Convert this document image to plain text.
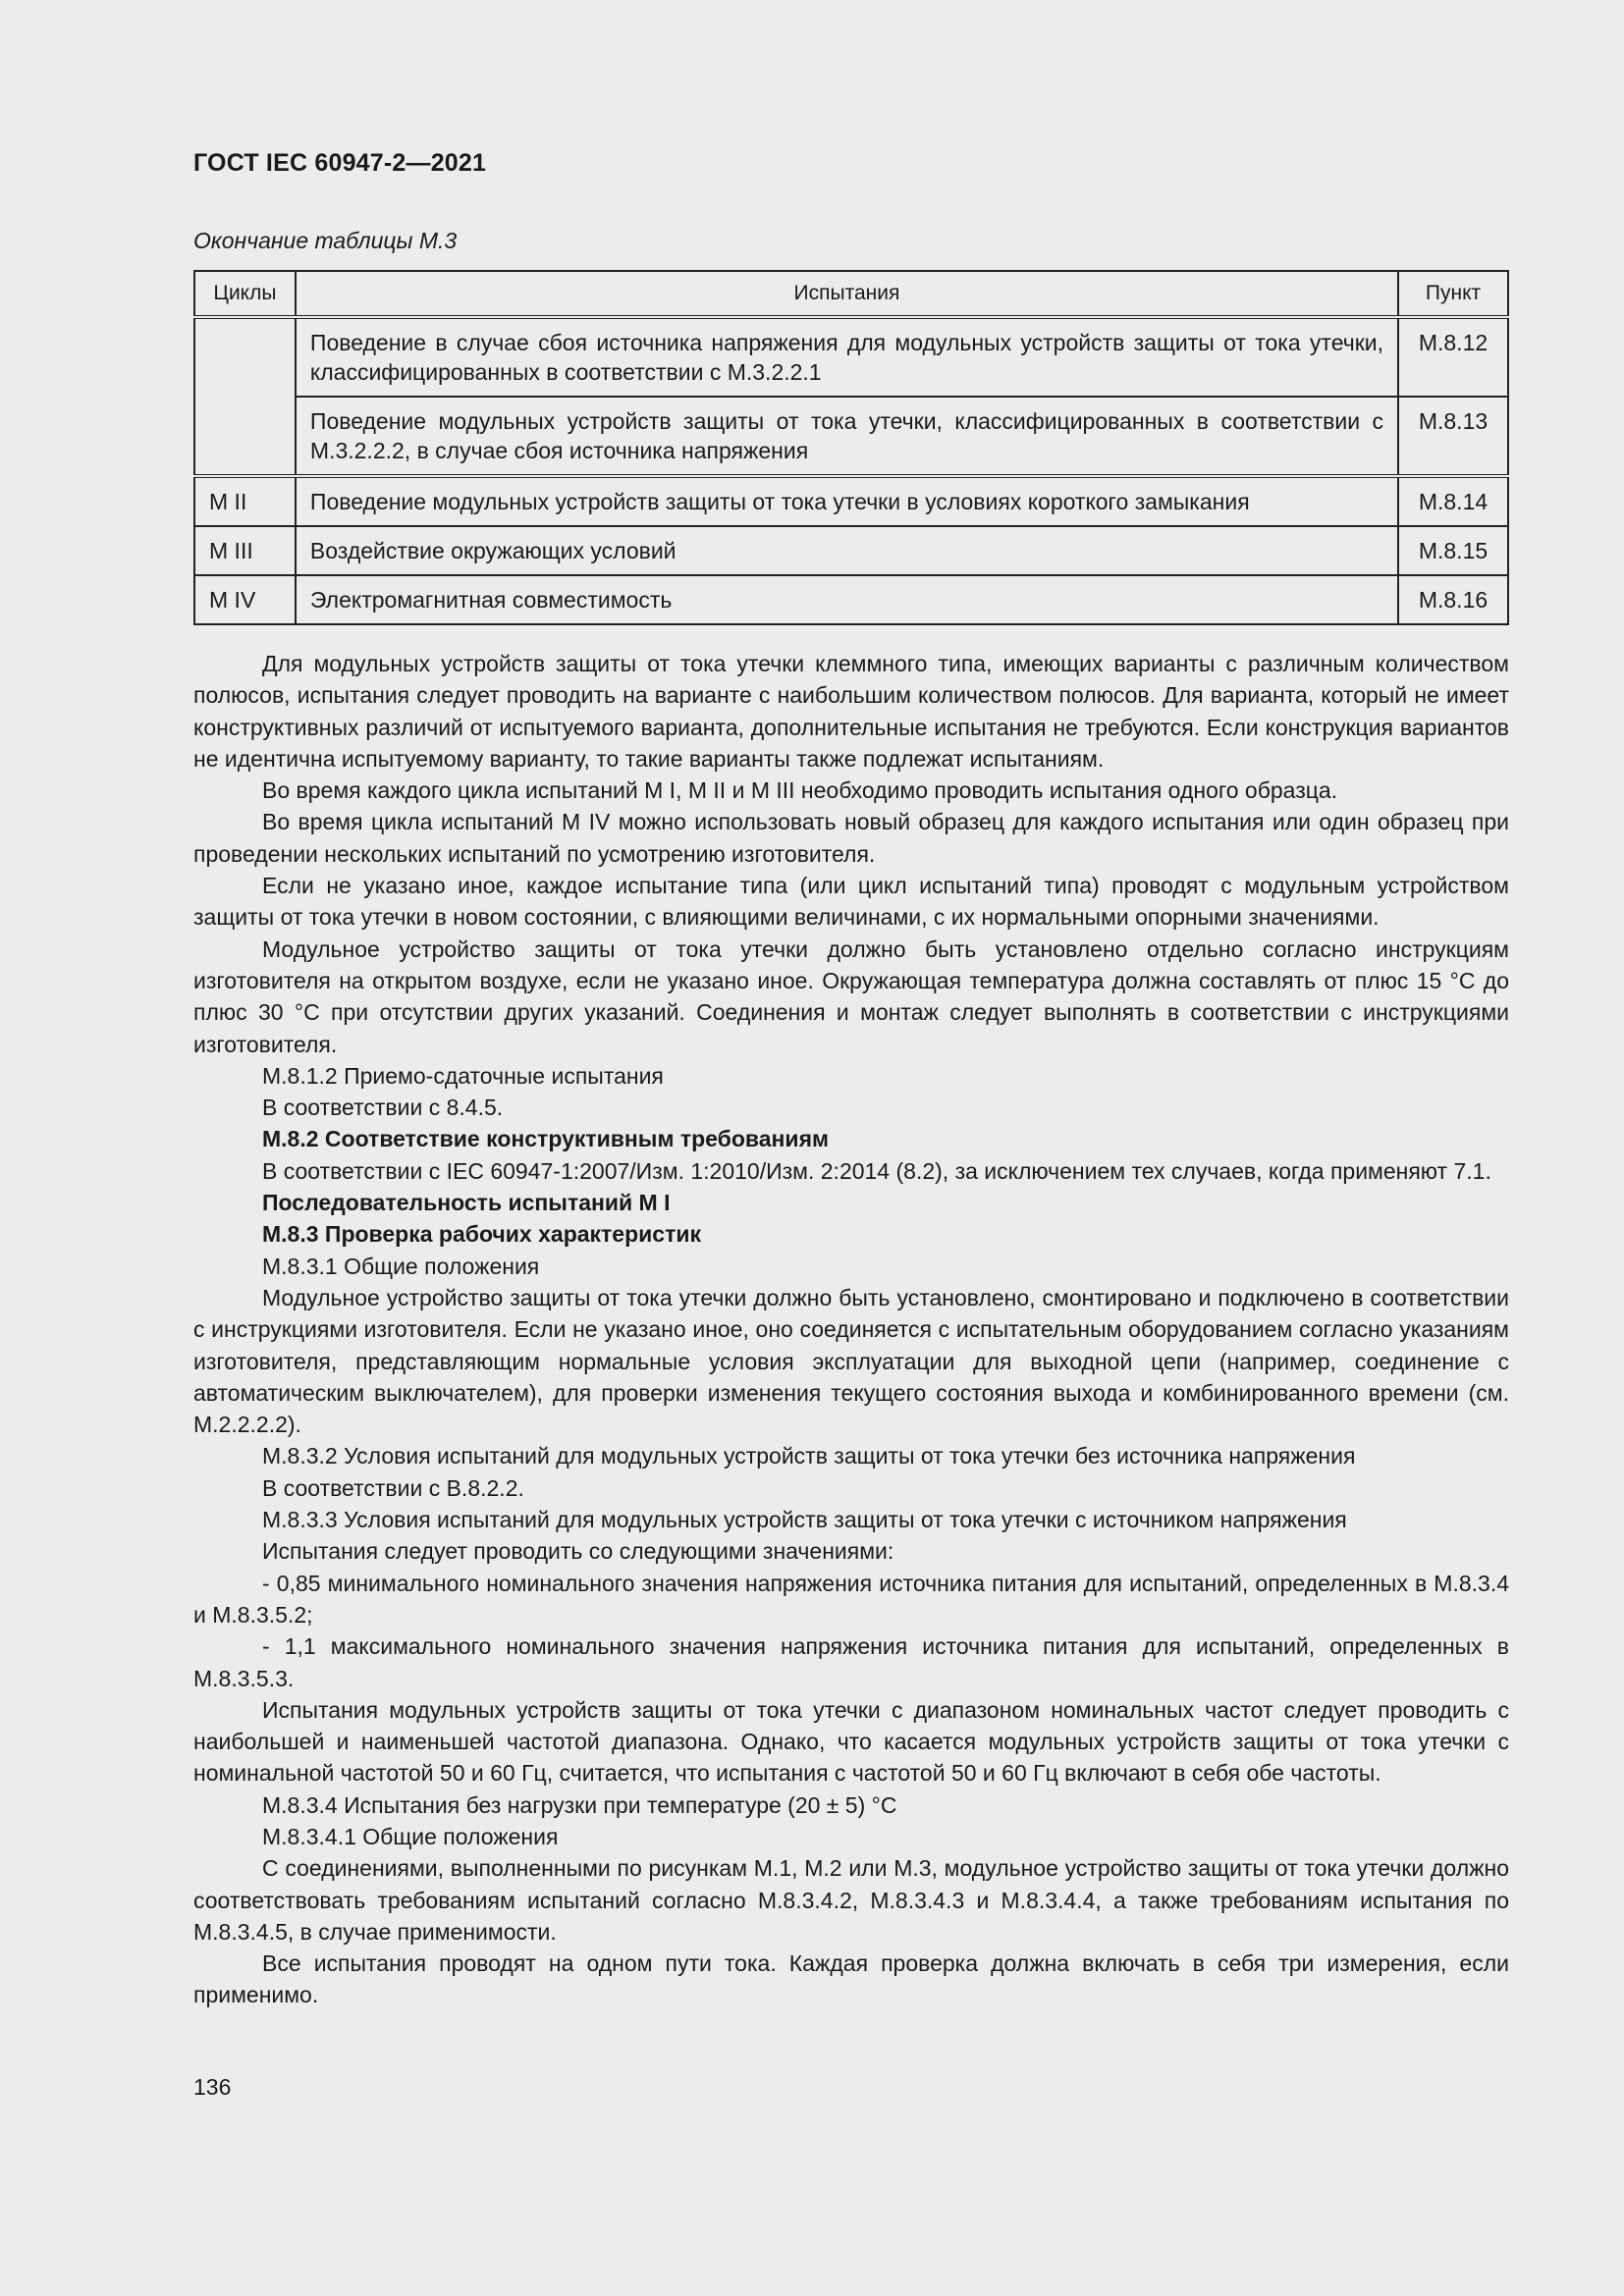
ГОСТ IEC 60947-2—2021
Окончание таблицы М.3
Циклы	Испытания	Пункт

	Поведение в случае сбоя источника напряжения для модульных устройств защиты от тока утечки, классифицированных в соответствии с М.3.2.2.1	М.8.12

	Поведение модульных устройств защиты от тока утечки, классифицированных в соответствии с М.3.2.2.2, в случае сбоя источника напряжения	М.8.13

М II	Поведение модульных устройств защиты от тока утечки в условиях короткого замыкания	М.8.14

М III	Воздействие окружающих условий	М.8.15

М IV	Электромагнитная совместимость	М.8.16

Для модульных устройств защиты от тока утечки клеммного типа, имеющих варианты с различным количеством полюсов, испытания следует проводить на варианте с наибольшим количеством полюсов. Для варианта, который не имеет конструктивных различий от испытуемого варианта, дополнительные испытания не требуются. Если конструкция вариантов не идентична испытуемому варианту, то такие варианты также подлежат испытаниям.

Во время каждого цикла испытаний М I, М II и М III необходимо проводить испытания одного образца.

Во время цикла испытаний М IV можно использовать новый образец для каждого испытания или один образец при проведении нескольких испытаний по усмотрению изготовителя.

Если не указано иное, каждое испытание типа (или цикл испытаний типа) проводят с модульным устройством защиты от тока утечки в новом состоянии, с влияющими величинами, с их нормальными опорными значениями.

Модульное устройство защиты от тока утечки должно быть установлено отдельно согласно инструкциям изготовителя на открытом воздухе, если не указано иное. Окружающая температура должна составлять от плюс 15 °С до плюс 30 °С при отсутствии других указаний. Соединения и монтаж следует выполнять в соответствии с инструкциями изготовителя.

М.8.1.2 Приемо-сдаточные испытания

В соответствии с 8.4.5.

М.8.2 Соответствие конструктивным требованиям

В соответствии с IEC 60947-1:2007/Изм. 1:2010/Изм. 2:2014 (8.2), за исключением тех случаев, когда применяют 7.1.

Последовательность испытаний М I

М.8.3 Проверка рабочих характеристик

М.8.3.1 Общие положения

Модульное устройство защиты от тока утечки должно быть установлено, смонтировано и подключено в соответствии с инструкциями изготовителя. Если не указано иное, оно соединяется с испытательным оборудованием согласно указаниям изготовителя, представляющим нормальные условия эксплуатации для выходной цепи (например, соединение с автоматическим выключателем), для проверки изменения текущего состояния выхода и комбинированного времени (см. М.2.2.2.2).

М.8.3.2 Условия испытаний для модульных устройств защиты от тока утечки без источника напряжения

В соответствии с В.8.2.2.

М.8.3.3 Условия испытаний для модульных устройств защиты от тока утечки с источником напряжения

Испытания следует проводить со следующими значениями:

- 0,85 минимального номинального значения напряжения источника питания для испытаний, определенных в М.8.3.4 и М.8.3.5.2;

- 1,1 максимального номинального значения напряжения источника питания для испытаний, определенных в М.8.3.5.3.

Испытания модульных устройств защиты от тока утечки с диапазоном номинальных частот следует проводить с наибольшей и наименьшей частотой диапазона. Однако, что касается модульных устройств защиты от тока утечки с номинальной частотой 50 и 60 Гц, считается, что испытания с частотой 50 и 60 Гц включают в себя обе частоты.

М.8.3.4 Испытания без нагрузки при температуре (20 ± 5) °С

М.8.3.4.1 Общие положения

С соединениями, выполненными по рисункам М.1, М.2 или М.3, модульное устройство защиты от тока утечки должно соответствовать требованиям испытаний согласно М.8.3.4.2, М.8.3.4.3 и М.8.3.4.4, а также требованиям испытания по М.8.3.4.5, в случае применимости.

Все испытания проводят на одном пути тока. Каждая проверка должна включать в себя три измерения, если применимо.

136
